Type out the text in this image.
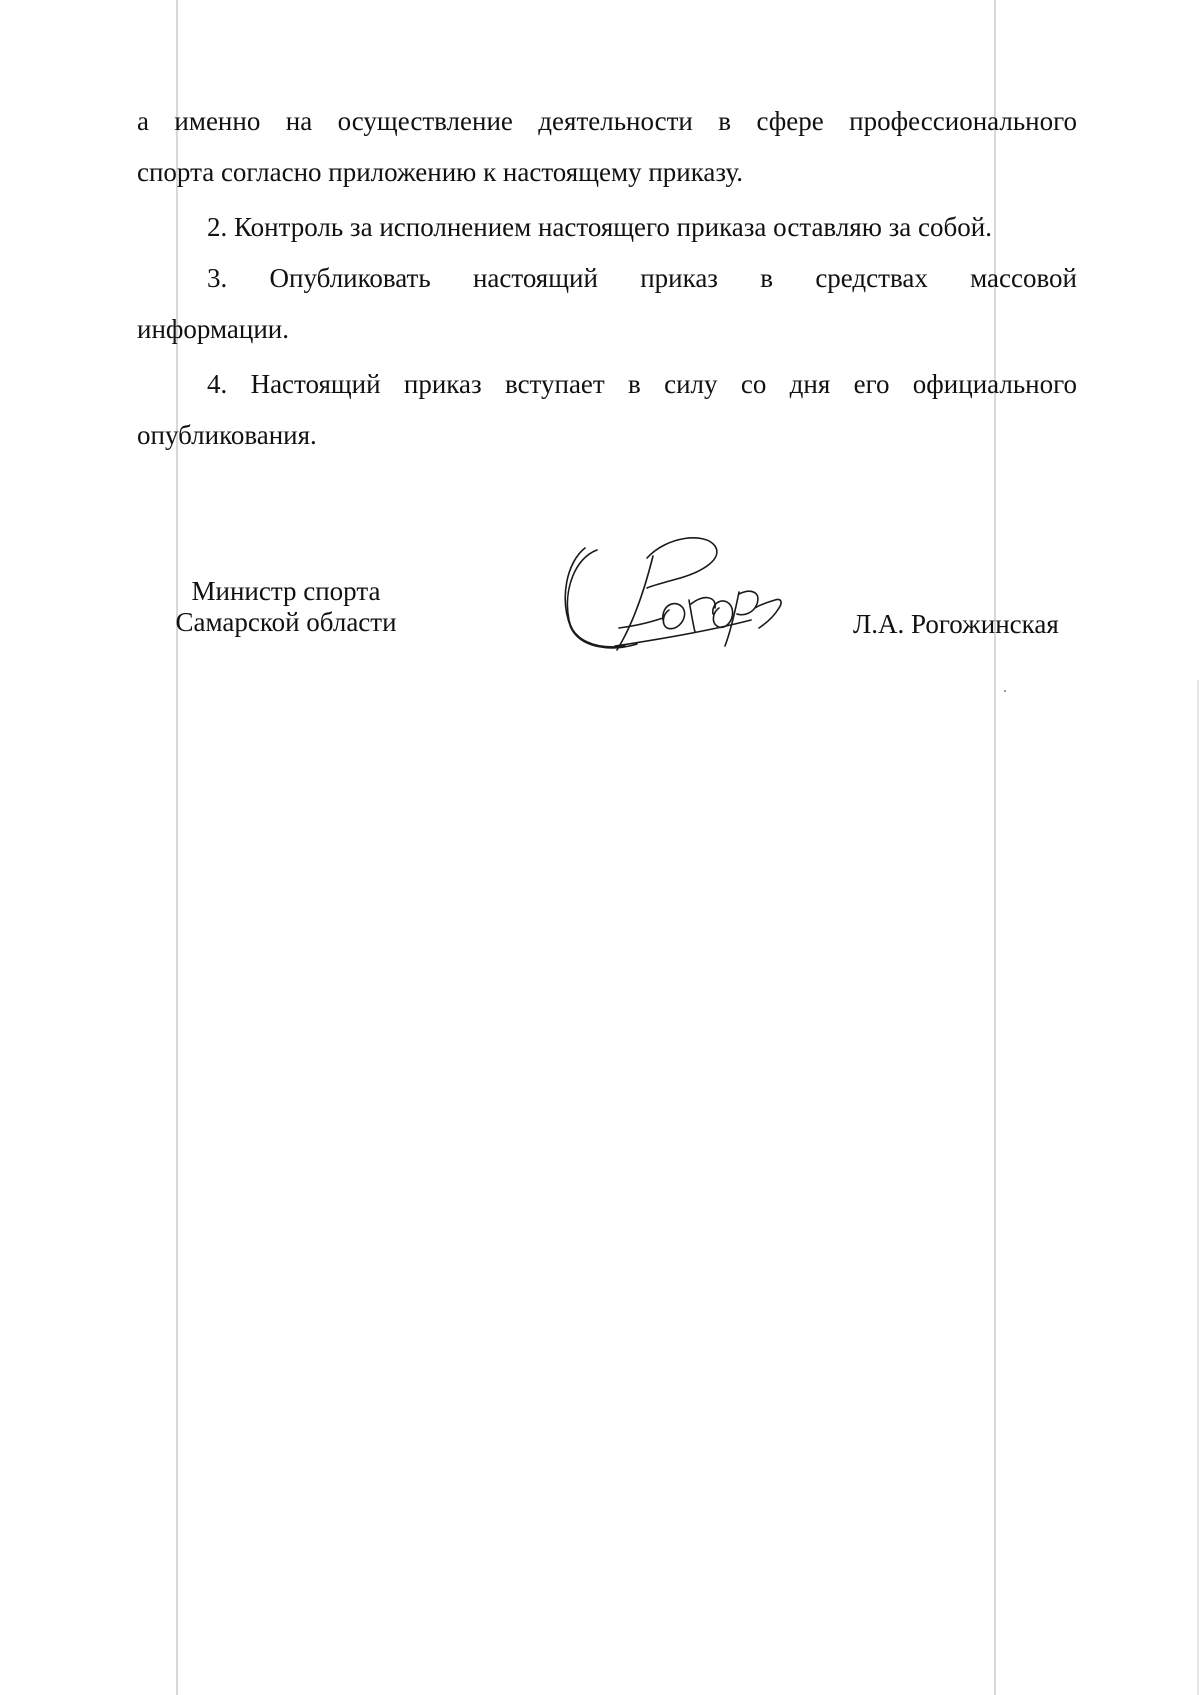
а именно на осуществление деятельности в сфере профессионального
спорта согласно приложению к настоящему приказу.
2. Контроль за исполнением настоящего приказа оставляю за собой.
3. Опубликовать настоящий приказ в средствах массовой
информации.
4. Настоящий приказ вступает в силу со дня его официального
опубликования.
Министр спорта
Самарской области	Л.А. Рогожинская
